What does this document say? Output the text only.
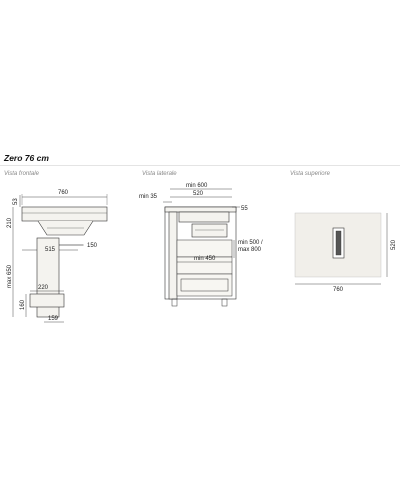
Zero 76 cm
Vista frontale
760
53
210
max 650
150
515
220
160
159
Vista laterale
min 600
520
min 35
55
min 500 /
max 800
min 450
Vista superiore
520
760
